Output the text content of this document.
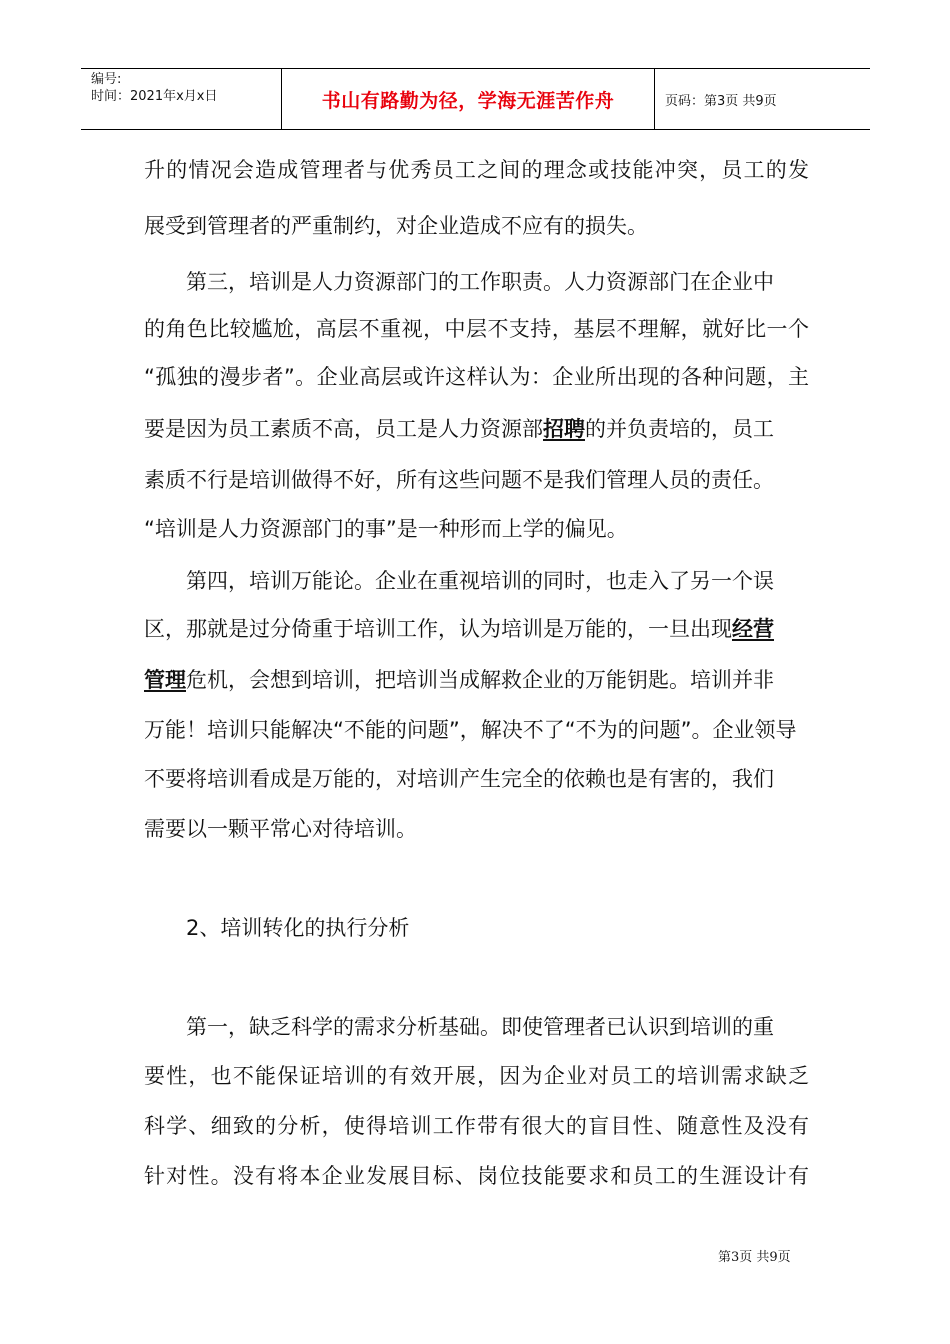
编号:
时间：2021年x月x日	书山有路勤为径，学海无涯苦作舟	页码：第3页 共9页
升的情况会造成管理者与优秀员工之间的理念或技能冲突，员工的发
展受到管理者的严重制约，对企业造成不应有的损失。
第三，培训是人力资源部门的工作职责。人力资源部门在企业中
的角色比较尴尬，高层不重视，中层不支持，基层不理解，就好比一个
“孤独的漫步者”。企业高层或许这样认为：企业所出现的各种问题，主
要是因为员工素质不高，员工是人力资源部招聘的并负责培的，员工
素质不行是培训做得不好，所有这些问题不是我们管理人员的责任。
“培训是人力资源部门的事”是一种形而上学的偏见。
第四，培训万能论。企业在重视培训的同时，也走入了另一个误
区，那就是过分倚重于培训工作，认为培训是万能的，一旦出现经营
管理危机，会想到培训，把培训当成解救企业的万能钥匙。培训并非
万能！培训只能解决“不能的问题”，解决不了“不为的问题”。企业领导
不要将培训看成是万能的，对培训产生完全的依赖也是有害的，我们
需要以一颗平常心对待培训。
2、培训转化的执行分析
第一，缺乏科学的需求分析基础。即使管理者已认识到培训的重
要性，也不能保证培训的有效开展，因为企业对员工的培训需求缺乏
科学、细致的分析，使得培训工作带有很大的盲目性、随意性及没有
针对性。没有将本企业发展目标、岗位技能要求和员工的生涯设计有
第3页 共9页
